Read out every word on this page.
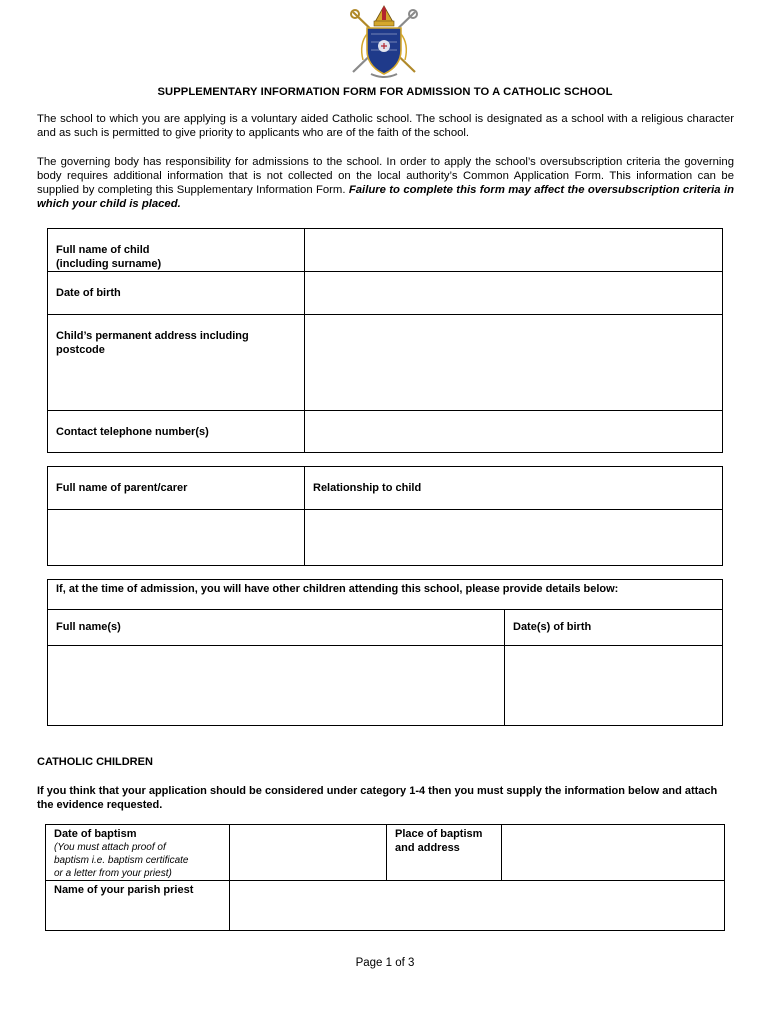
SUPPLEMENTARY INFORMATION FORM FOR ADMISSION TO A CATHOLIC SCHOOL
The school to which you are applying is a voluntary aided Catholic school. The school is designated as a school with a religious character and as such is permitted to give priority to applicants who are of the faith of the school.
The governing body has responsibility for admissions to the school. In order to apply the school’s oversubscription criteria the governing body requires additional information that is not collected on the local authority’s Common Application Form. This information can be supplied by completing this Supplementary Information Form. Failure to complete this form may affect the oversubscription criteria in which your child is placed.
Full name of child
(including surname)	
Date of birth	
Child’s permanent address including
postcode	
Contact telephone number(s)	
Full name of parent/carer	Relationship to child

If, at the time of admission, you will have other children attending this school, please provide details below:	
Full name(s)	Date(s) of birth

CATHOLIC CHILDREN
If you think that your application should be considered under category 1-4 then you must supply the information below and attach the evidence requested.
Date of baptism
(You must attach proof of
baptism i.e. baptism certificate
or a letter from your priest)		Place of baptism
and address	
Name of your parish priest			
Page 1 of 3
